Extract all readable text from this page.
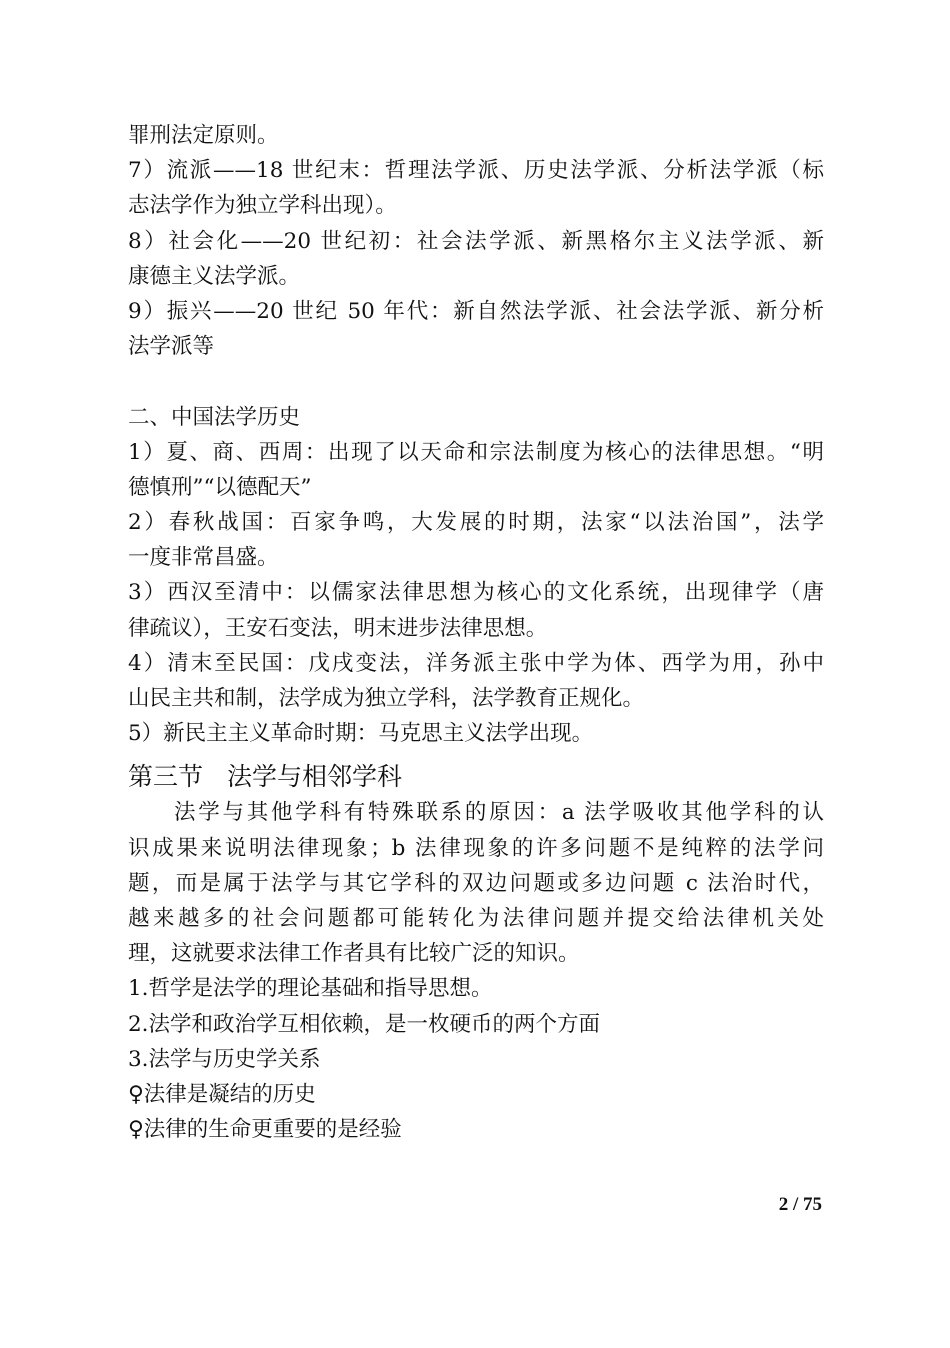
罪刑法定原则。
7）流派——18 世纪末：哲理法学派、历史法学派、分析法学派（标
志法学作为独立学科出现）。
8）社会化——20 世纪初：社会法学派、新黑格尔主义法学派、新
康德主义法学派。
9）振兴——20 世纪 50 年代：新自然法学派、社会法学派、新分析
法学派等
二、中国法学历史
1）夏、商、西周：出现了以天命和宗法制度为核心的法律思想。“明
德慎刑”“以德配天”
2）春秋战国：百家争鸣，大发展的时期，法家“以法治国”，法学
一度非常昌盛。
3）西汉至清中：以儒家法律思想为核心的文化系统，出现律学（唐
律疏议），王安石变法，明末进步法律思想。
4）清末至民国：戊戌变法，洋务派主张中学为体、西学为用，孙中
山民主共和制，法学成为独立学科，法学教育正规化。
5）新民主主义革命时期：马克思主义法学出现。
第三节 法学与相邻学科
法学与其他学科有特殊联系的原因：a 法学吸收其他学科的认
识成果来说明法律现象；b 法律现象的许多问题不是纯粹的法学问
题，而是属于法学与其它学科的双边问题或多边问题 c 法治时代，
越来越多的社会问题都可能转化为法律问题并提交给法律机关处
理，这就要求法律工作者具有比较广泛的知识。
1.哲学是法学的理论基础和指导思想。
2.法学和政治学互相依赖，是一枚硬币的两个方面
3.法学与历史学关系
♀法律是凝结的历史
♀法律的生命更重要的是经验
2 / 75
